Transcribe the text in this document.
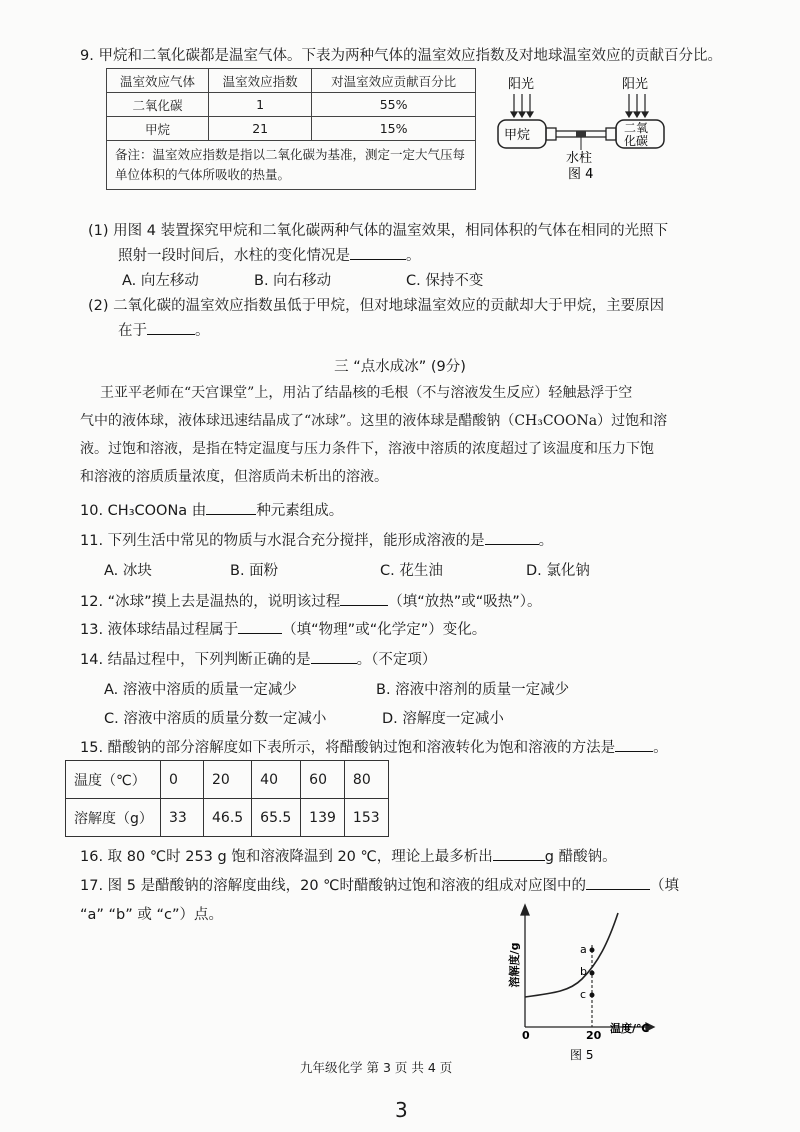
9. 甲烷和二氧化碳都是温室气体。下表为两种气体的温室效应指数及对地球温室效应的贡献百分比。
温室效应气体	温室效应指数	对温室效应贡献百分比
二氧化碳	1	55%
甲烷	21	15%
备注：温室效应指数是指以二氧化碳为基准，测定一定大气压每单位体积的气体所吸收的热量。		
阳光	阳光
甲烷	二氧
化碳
水柱
图 4
(1) 用图 4 装置探究甲烷和二氧化碳两种气体的温室效果，相同体积的气体在相同的光照下
照射一段时间后，水柱的变化情况是	。
A. 向左移动	B. 向右移动	C. 保持不变
(2) 二氧化碳的温室效应指数虽低于甲烷，但对地球温室效应的贡献却大于甲烷，主要原因
在于	。
三 “点水成冰” (9分)
王亚平老师在“天宫课堂”上，用沾了结晶核的毛根（不与溶液发生反应）轻触悬浮于空
气中的液体球，液体球迅速结晶成了“冰球”。这里的液体球是醋酸钠（CH₃COONa）过饱和溶
液。过饱和溶液，是指在特定温度与压力条件下，溶液中溶质的浓度超过了该温度和压力下饱
和溶液的溶质质量浓度，但溶质尚未析出的溶液。
10. CH₃COONa 由	种元素组成。
11. 下列生活中常见的物质与水混合充分搅拌，能形成溶液的是	。
A. 冰块	B. 面粉	C. 花生油	D. 氯化钠
12. “冰球”摸上去是温热的，说明该过程	（填“放热”或“吸热”）。
13. 液体球结晶过程属于	（填“物理”或“化学定”）变化。
14. 结晶过程中，下列判断正确的是	。（不定项）
A. 溶液中溶质的质量一定减少	B. 溶液中溶剂的质量一定减少
C. 溶液中溶质的质量分数一定减小	D. 溶解度一定减小
15. 醋酸钠的部分溶解度如下表所示，将醋酸钠过饱和溶液转化为饱和溶液的方法是	。
温度（℃）	0	20	40	60	80
溶解度（g）	33	46.5	65.5	139	153
16. 取 80 ℃时 253 g 饱和溶液降温到 20 ℃，理论上最多析出	g 醋酸钠。
17. 图 5 是醋酸钠的溶解度曲线，20 ℃时醋酸钠过饱和溶液的组成对应图中的	（填
“a” “b” 或 “c”）点。
溶解度/g	a
b
c
0	20
温度/℃
图 5
九年级化学 第 3 页 共 4 页
3
